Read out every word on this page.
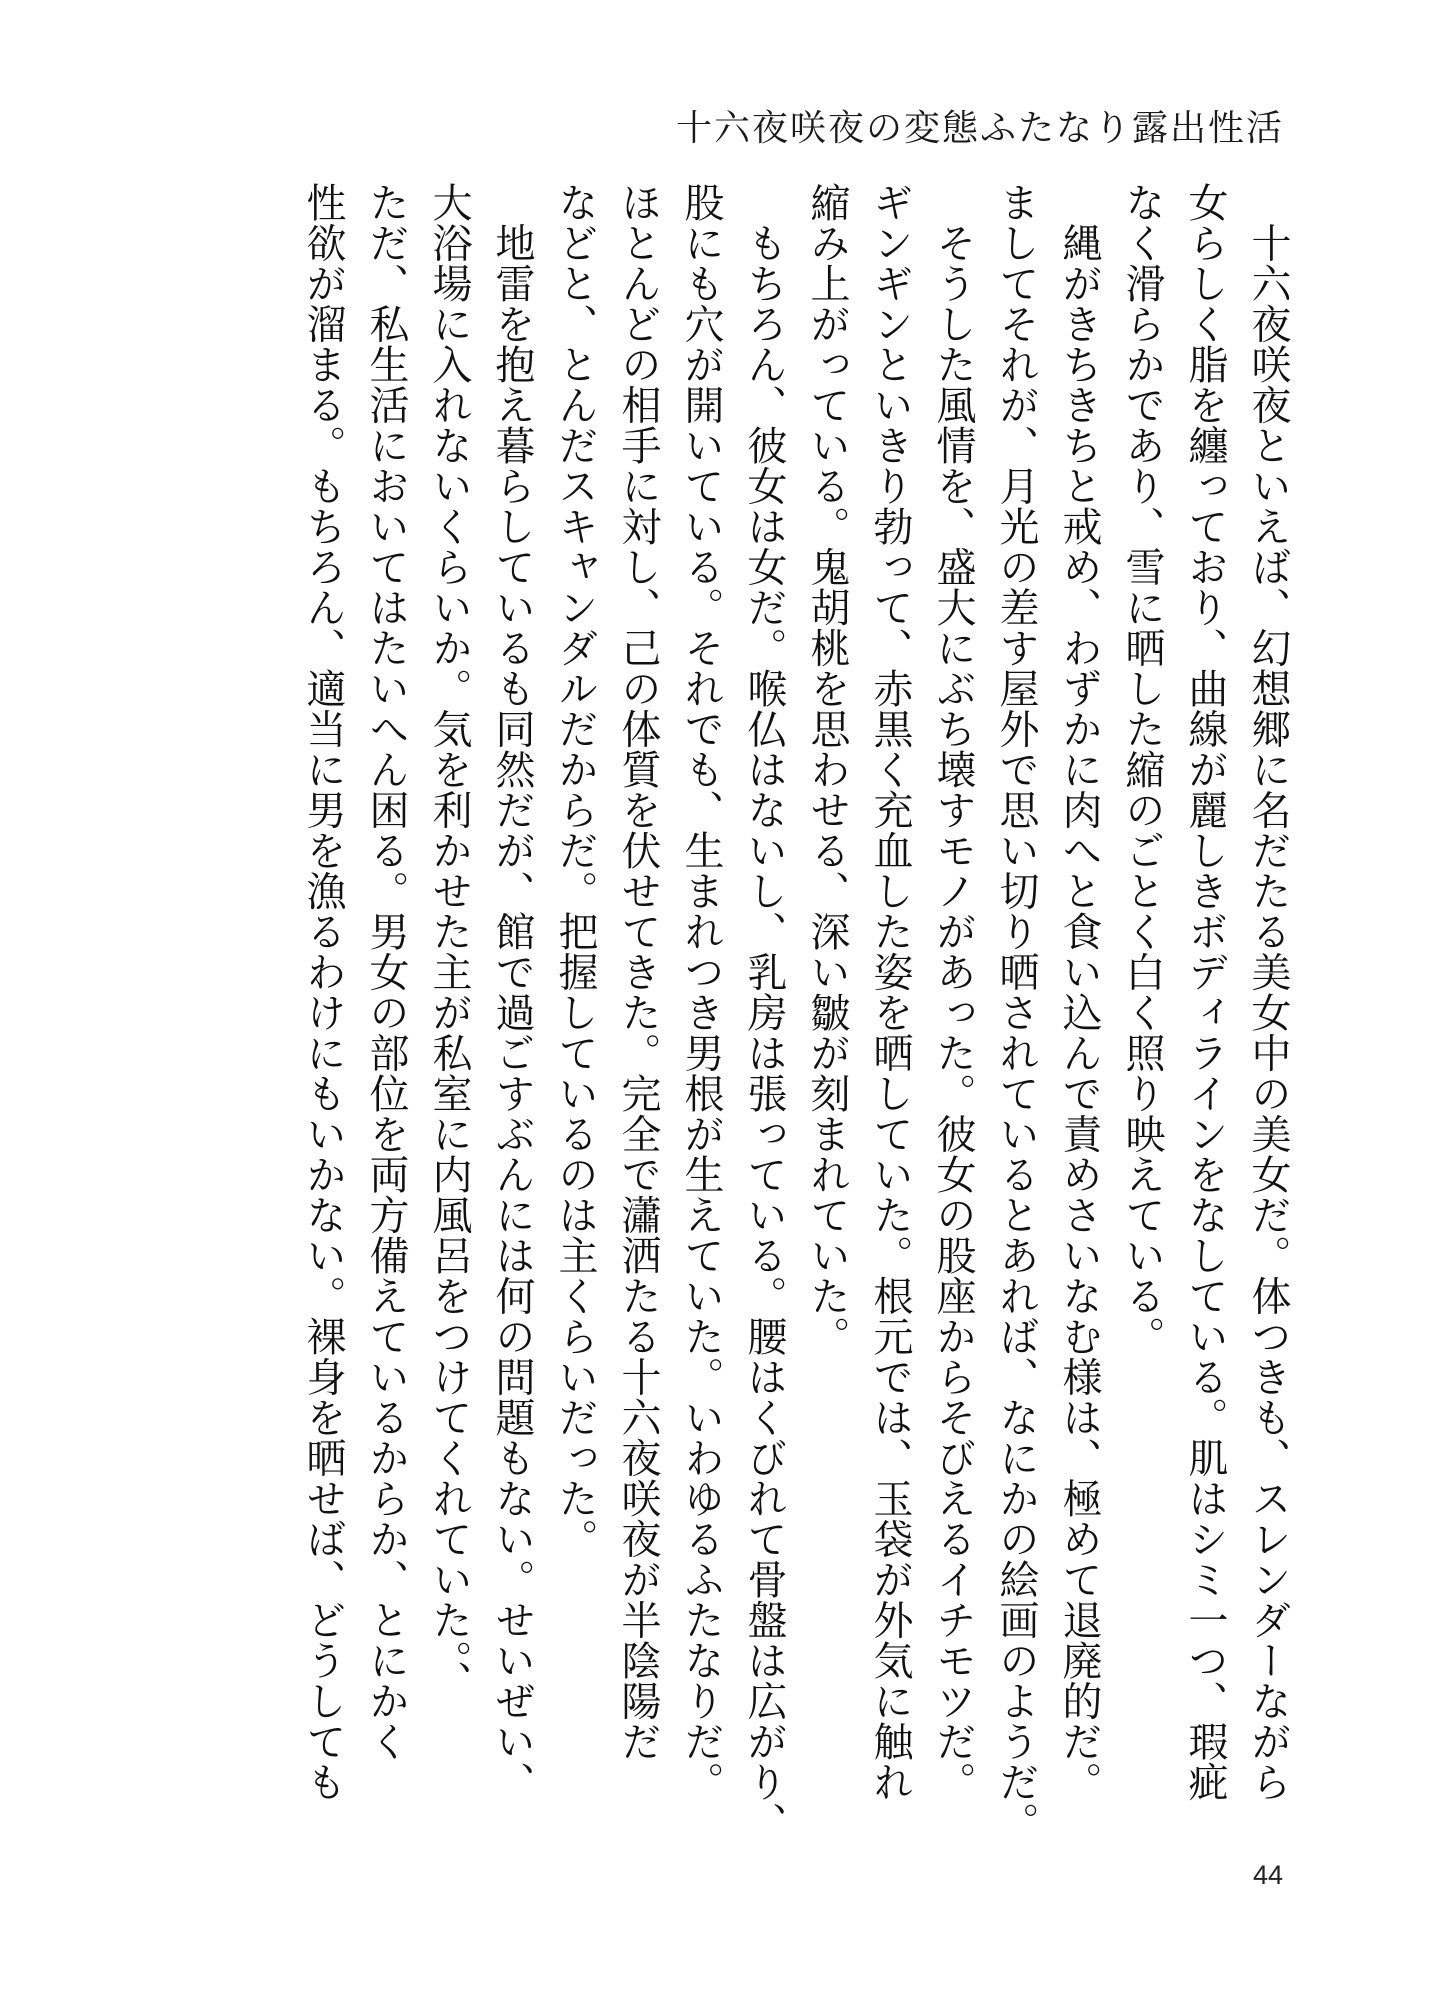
十六夜咲夜の変態ふたなり露出性活
　十六夜咲夜といえば、幻想郷に名だたる美女中の美女だ。体つきも、スレンダーながら
女らしく脂を纏っており、曲線が麗しきボディラインをなしている。肌はシミ一つ、瑕疵
なく滑らかであり、雪に晒した縮のごとく白く照り映えている。
　縄がきちきちと戒め、わずかに肉へと食い込んで責めさいなむ様は、極めて退廃的だ。
ましてそれが、月光の差す屋外で思い切り晒されているとあれば、なにかの絵画のようだ。
　そうした風情を、盛大にぶち壊すモノがあった。彼女の股座からそびえるイチモツだ。
ギンギンといきり勃って、赤黒く充血した姿を晒していた。根元では、玉袋が外気に触れ
縮み上がっている。鬼胡桃を思わせる、深い皺が刻まれていた。
　もちろん、彼女は女だ。喉仏はないし、乳房は張っている。腰はくびれて骨盤は広がり、
股にも穴が開いている。それでも、生まれつき男根が生えていた。いわゆるふたなりだ。
ほとんどの相手に対し、己の体質を伏せてきた。完全で瀟洒たる十六夜咲夜が半陰陽だ
などと、とんだスキャンダルだからだ。把握しているのは主くらいだった。
　地雷を抱え暮らしているも同然だが、館で過ごすぶんには何の問題もない。せいぜい、
大浴場に入れないくらいか。気を利かせた主が私室に内風呂をつけてくれていた。、
ただ、私生活においてはたいへん困る。男女の部位を両方備えているからか、とにかく
性欲が溜まる。もちろん、適当に男を漁るわけにもいかない。裸身を晒せば、どうしても
44
